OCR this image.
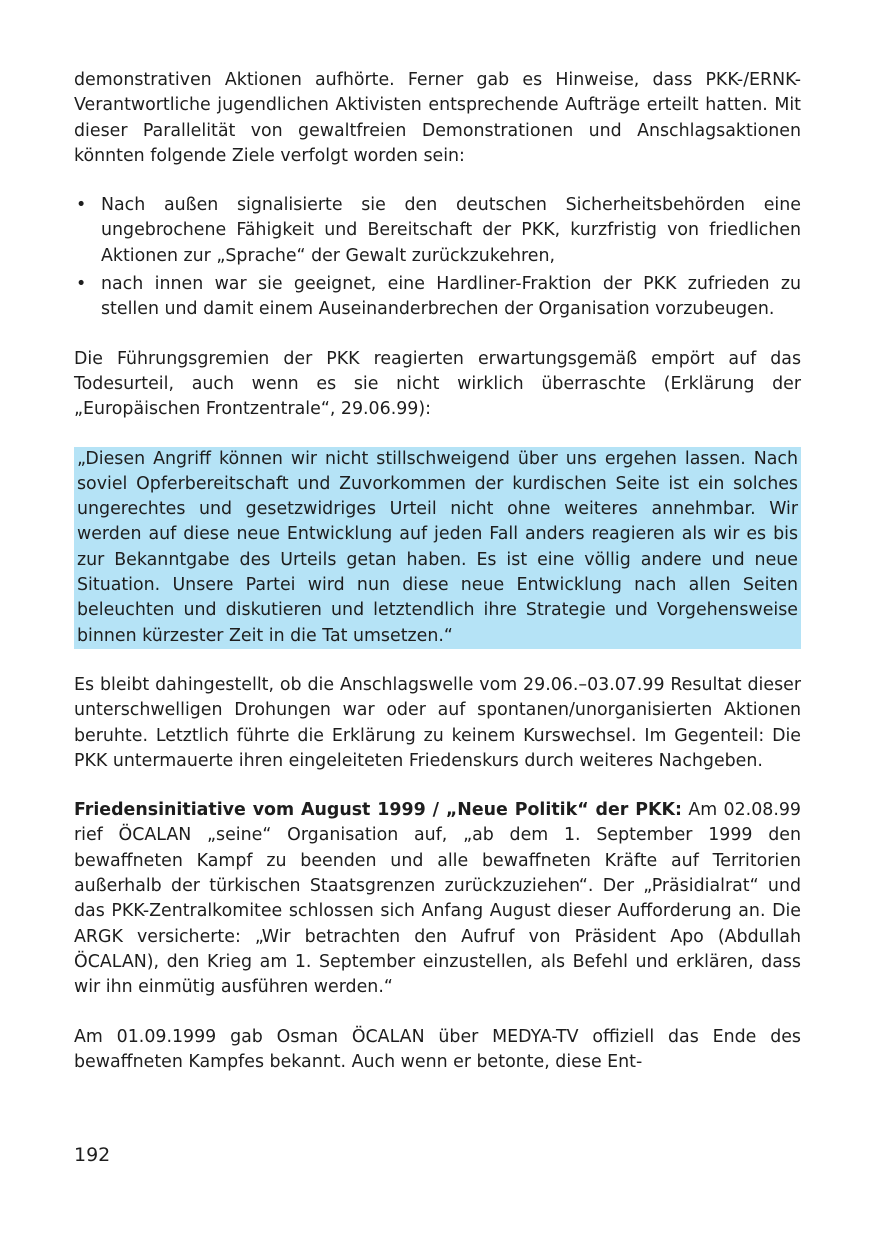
demonstrativen Aktionen aufhörte. Ferner gab es Hinweise, dass PKK-/ERNK-Verantwortliche jugendlichen Aktivisten entsprechende Aufträge erteilt hatten. Mit dieser Parallelität von gewaltfreien Demonstrationen und Anschlagsaktionen könnten folgende Ziele verfolgt worden sein:

• Nach außen signalisierte sie den deutschen Sicherheitsbehörden eine ungebrochene Fähigkeit und Bereitschaft der PKK, kurzfristig von friedlichen Aktionen zur „Sprache“ der Gewalt zurückzukehren,
• nach innen war sie geeignet, eine Hardliner-Fraktion der PKK zufrieden zu stellen und damit einem Auseinanderbrechen der Organisation vorzubeugen.

Die Führungsgremien der PKK reagierten erwartungsgemäß empört auf das Todesurteil, auch wenn es sie nicht wirklich überraschte (Erklärung der „Europäischen Frontzentrale“, 29.06.99):

„Diesen Angriff können wir nicht stillschweigend über uns ergehen lassen. Nach soviel Opferbereitschaft und Zuvorkommen der kurdischen Seite ist ein solches ungerechtes und gesetzwidriges Urteil nicht ohne weiteres annehmbar. Wir werden auf diese neue Entwicklung auf jeden Fall anders reagieren als wir es bis zur Bekanntgabe des Urteils getan haben. Es ist eine völlig andere und neue Situation. Unsere Partei wird nun diese neue Entwicklung nach allen Seiten beleuchten und diskutieren und letztendlich ihre Strategie und Vorgehensweise binnen kürzester Zeit in die Tat umsetzen.“

Es bleibt dahingestellt, ob die Anschlagswelle vom 29.06.–03.07.99 Resultat dieser unterschwelligen Drohungen war oder auf spontanen/unorganisierten Aktionen beruhte. Letztlich führte die Erklärung zu keinem Kurswechsel. Im Gegenteil: Die PKK untermauerte ihren eingeleiteten Friedenskurs durch weiteres Nachgeben.

Friedensinitiative vom August 1999 / „Neue Politik“ der PKK: Am 02.08.99 rief ÖCALAN „seine“ Organisation auf, „ab dem 1. September 1999 den bewaffneten Kampf zu beenden und alle bewaffneten Kräfte auf Territorien außerhalb der türkischen Staatsgrenzen zurückzuziehen“. Der „Präsidialrat“ und das PKK-Zentralkomitee schlossen sich Anfang August dieser Aufforderung an. Die ARGK versicherte: „Wir betrachten den Aufruf von Präsident Apo (Abdullah ÖCALAN), den Krieg am 1. September einzustellen, als Befehl und erklären, dass wir ihn einmütig ausführen werden.“

Am 01.09.1999 gab Osman ÖCALAN über MEDYA-TV offiziell das Ende des bewaffneten Kampfes bekannt. Auch wenn er betonte, diese Ent-

192
